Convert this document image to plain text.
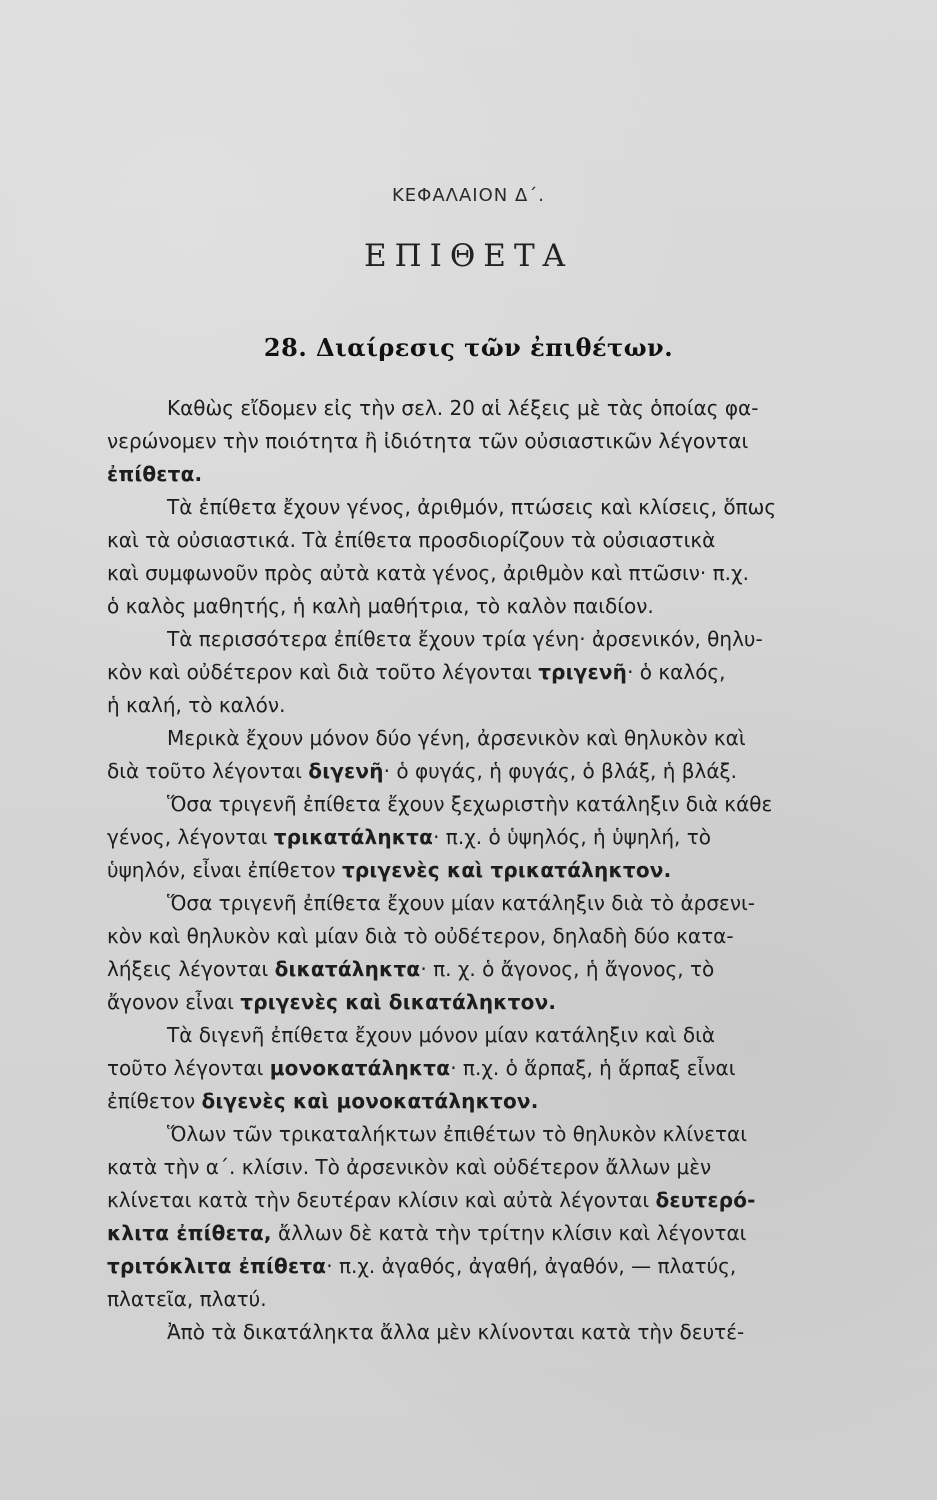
ΚΕΦΑΛΑΙΟΝ Δ΄.
ΕΠΙΘΕΤΑ
28. Διαίρεσις τῶν ἐπιθέτων.
Καθὼς εἴδομεν εἰς τὴν σελ. 20 αἱ λέξεις μὲ τὰς ὁποίας φα-
νερώνομεν τὴν ποιότητα ἢ ἰδιότητα τῶν οὐσιαστικῶν λέγονται
ἐπίθετα.
Τὰ ἐπίθετα ἔχουν γένος, ἀριθμόν, πτώσεις καὶ κλίσεις, ὅπως
καὶ τὰ οὐσιαστικά. Τὰ ἐπίθετα προσδιορίζουν τὰ οὐσιαστικὰ
καὶ συμφωνοῦν πρὸς αὐτὰ κατὰ γένος, ἀριθμὸν καὶ πτῶσιν· π.χ.
ὁ καλὸς μαθητής, ἡ καλὴ μαθήτρια, τὸ καλὸν παιδίον.
Τὰ περισσότερα ἐπίθετα ἔχουν τρία γένη· ἀρσενικόν, θηλυ-
κὸν καὶ οὐδέτερον καὶ διὰ τοῦτο λέγονται τριγενῆ· ὁ καλός,
ἡ καλή, τὸ καλόν.
Μερικὰ ἔχουν μόνον δύο γένη, ἀρσενικὸν καὶ θηλυκὸν καὶ
διὰ τοῦτο λέγονται διγενῆ· ὁ φυγάς, ἡ φυγάς, ὁ βλάξ, ἡ βλάξ.
Ὅσα τριγενῆ ἐπίθετα ἔχουν ξεχωριστὴν κατάληξιν διὰ κάθε
γένος, λέγονται τρικατάληκτα· π.χ. ὁ ὑψηλός, ἡ ὑψηλή, τὸ
ὑψηλόν, εἶναι ἐπίθετον τριγενὲς καὶ τρικατάληκτον.
Ὅσα τριγενῆ ἐπίθετα ἔχουν μίαν κατάληξιν διὰ τὸ ἀρσενι-
κὸν καὶ θηλυκὸν καὶ μίαν διὰ τὸ οὐδέτερον, δηλαδὴ δύο κατα-
λήξεις λέγονται δικατάληκτα· π. χ. ὁ ἄγονος, ἡ ἄγονος, τὸ
ἄγονον εἶναι τριγενὲς καὶ δικατάληκτον.
Τὰ διγενῆ ἐπίθετα ἔχουν μόνον μίαν κατάληξιν καὶ διὰ
τοῦτο λέγονται μονοκατάληκτα· π.χ. ὁ ἅρπαξ, ἡ ἅρπαξ εἶναι
ἐπίθετον διγενὲς καὶ μονοκατάληκτον.
Ὅλων τῶν τρικαταλήκτων ἐπιθέτων τὸ θηλυκὸν κλίνεται
κατὰ τὴν α΄. κλίσιν. Τὸ ἀρσενικὸν καὶ οὐδέτερον ἄλλων μὲν
κλίνεται κατὰ τὴν δευτέραν κλίσιν καὶ αὐτὰ λέγονται δευτερό-
κλιτα ἐπίθετα, ἄλλων δὲ κατὰ τὴν τρίτην κλίσιν καὶ λέγονται
τριτόκλιτα ἐπίθετα· π.χ. ἀγαθός, ἀγαθή, ἀγαθόν, — πλατύς,
πλατεῖα, πλατύ.
Ἀπὸ τὰ δικατάληκτα ἄλλα μὲν κλίνονται κατὰ τὴν δευτέ-
